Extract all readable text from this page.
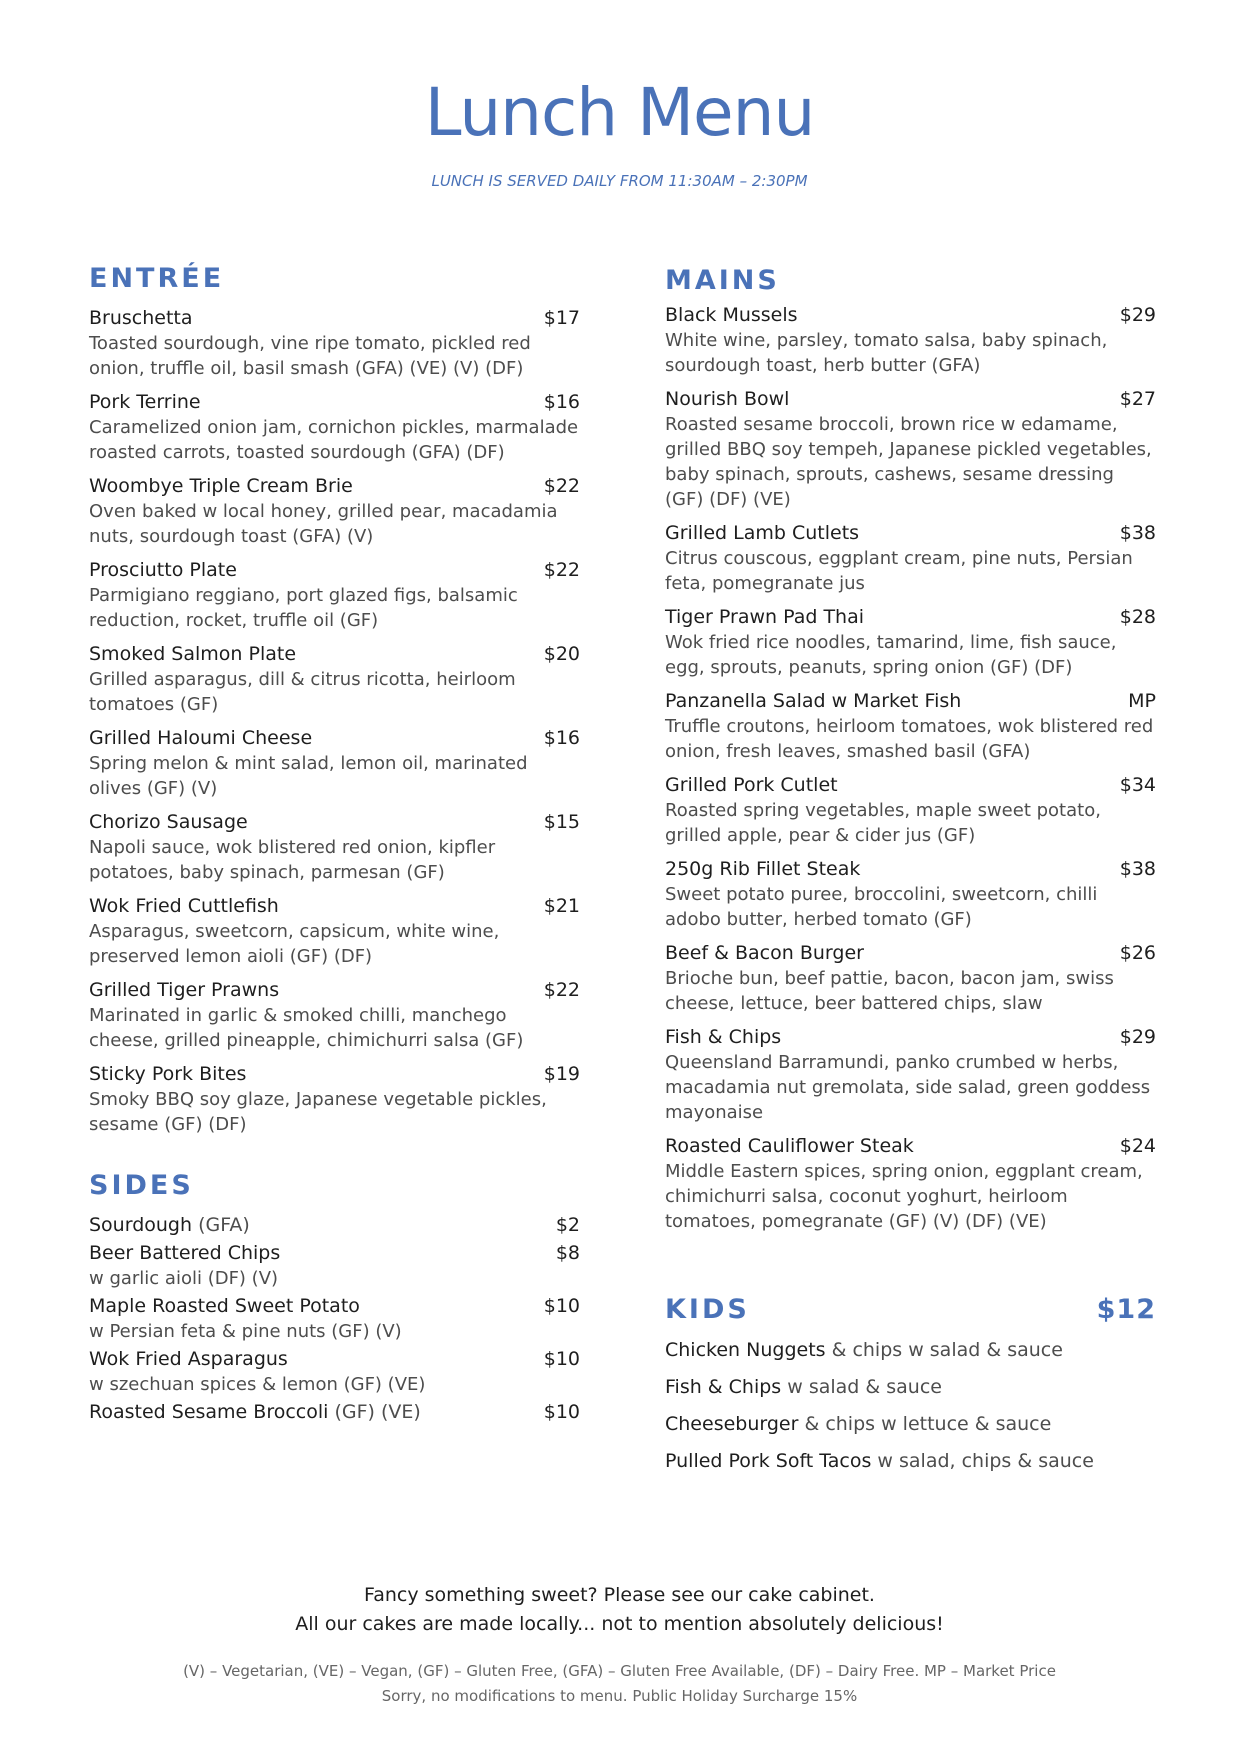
Lunch Menu
LUNCH IS SERVED DAILY FROM 11:30AM – 2:30PM
ENTRÉE
Bruschetta	$17
Toasted sourdough, vine ripe tomato, pickled red onion, truffle oil, basil smash (GFA) (VE) (V) (DF)
Pork Terrine	$16
Caramelized onion jam, cornichon pickles, marmalade roasted carrots, toasted sourdough (GFA) (DF)
Woombye Triple Cream Brie	$22
Oven baked w local honey, grilled pear, macadamia nuts, sourdough toast (GFA) (V)
Prosciutto Plate	$22
Parmigiano reggiano, port glazed figs, balsamic reduction, rocket, truffle oil (GF)
Smoked Salmon Plate	$20
Grilled asparagus, dill & citrus ricotta, heirloom tomatoes (GF)
Grilled Haloumi Cheese	$16
Spring melon & mint salad, lemon oil, marinated olives (GF) (V)
Chorizo Sausage	$15
Napoli sauce, wok blistered red onion, kipfler potatoes, baby spinach, parmesan (GF)
Wok Fried Cuttlefish	$21
Asparagus, sweetcorn, capsicum, white wine, preserved lemon aioli (GF) (DF)
Grilled Tiger Prawns	$22
Marinated in garlic & smoked chilli, manchego cheese, grilled pineapple, chimichurri salsa (GF)
Sticky Pork Bites	$19
Smoky BBQ soy glaze, Japanese vegetable pickles, sesame (GF) (DF)
SIDES
Sourdough (GFA)	$2
Beer Battered Chips	$8
w garlic aioli (DF) (V)
Maple Roasted Sweet Potato	$10
w Persian feta & pine nuts (GF) (V)
Wok Fried Asparagus	$10
w szechuan spices & lemon (GF) (VE)
Roasted Sesame Broccoli (GF) (VE)	$10
MAINS
Black Mussels	$29
White wine, parsley, tomato salsa, baby spinach, sourdough toast, herb butter (GFA)
Nourish Bowl	$27
Roasted sesame broccoli, brown rice w edamame, grilled BBQ soy tempeh, Japanese pickled vegetables, baby spinach, sprouts, cashews, sesame dressing (GF) (DF) (VE)
Grilled Lamb Cutlets	$38
Citrus couscous, eggplant cream, pine nuts, Persian feta, pomegranate jus
Tiger Prawn Pad Thai	$28
Wok fried rice noodles, tamarind, lime, fish sauce, egg, sprouts, peanuts, spring onion (GF) (DF)
Panzanella Salad w Market Fish	MP
Truffle croutons, heirloom tomatoes, wok blistered red onion, fresh leaves, smashed basil (GFA)
Grilled Pork Cutlet	$34
Roasted spring vegetables, maple sweet potato, grilled apple, pear & cider jus (GF)
250g Rib Fillet Steak	$38
Sweet potato puree, broccolini, sweetcorn, chilli adobo butter, herbed tomato (GF)
Beef & Bacon Burger	$26
Brioche bun, beef pattie, bacon, bacon jam, swiss cheese, lettuce, beer battered chips, slaw
Fish & Chips	$29
Queensland Barramundi, panko crumbed w herbs, macadamia nut gremolata, side salad, green goddess mayonaise
Roasted Cauliflower Steak	$24
Middle Eastern spices, spring onion, eggplant cream, chimichurri salsa, coconut yoghurt, heirloom tomatoes, pomegranate (GF) (V) (DF) (VE)
KIDS	$12
Chicken Nuggets & chips w salad & sauce
Fish & Chips w salad & sauce
Cheeseburger & chips w lettuce & sauce
Pulled Pork Soft Tacos w salad, chips & sauce
Fancy something sweet? Please see our cake cabinet.
All our cakes are made locally... not to mention absolutely delicious!
(V) – Vegetarian, (VE) – Vegan, (GF) – Gluten Free, (GFA) – Gluten Free Available, (DF) – Dairy Free. MP – Market Price
Sorry, no modifications to menu. Public Holiday Surcharge 15%
